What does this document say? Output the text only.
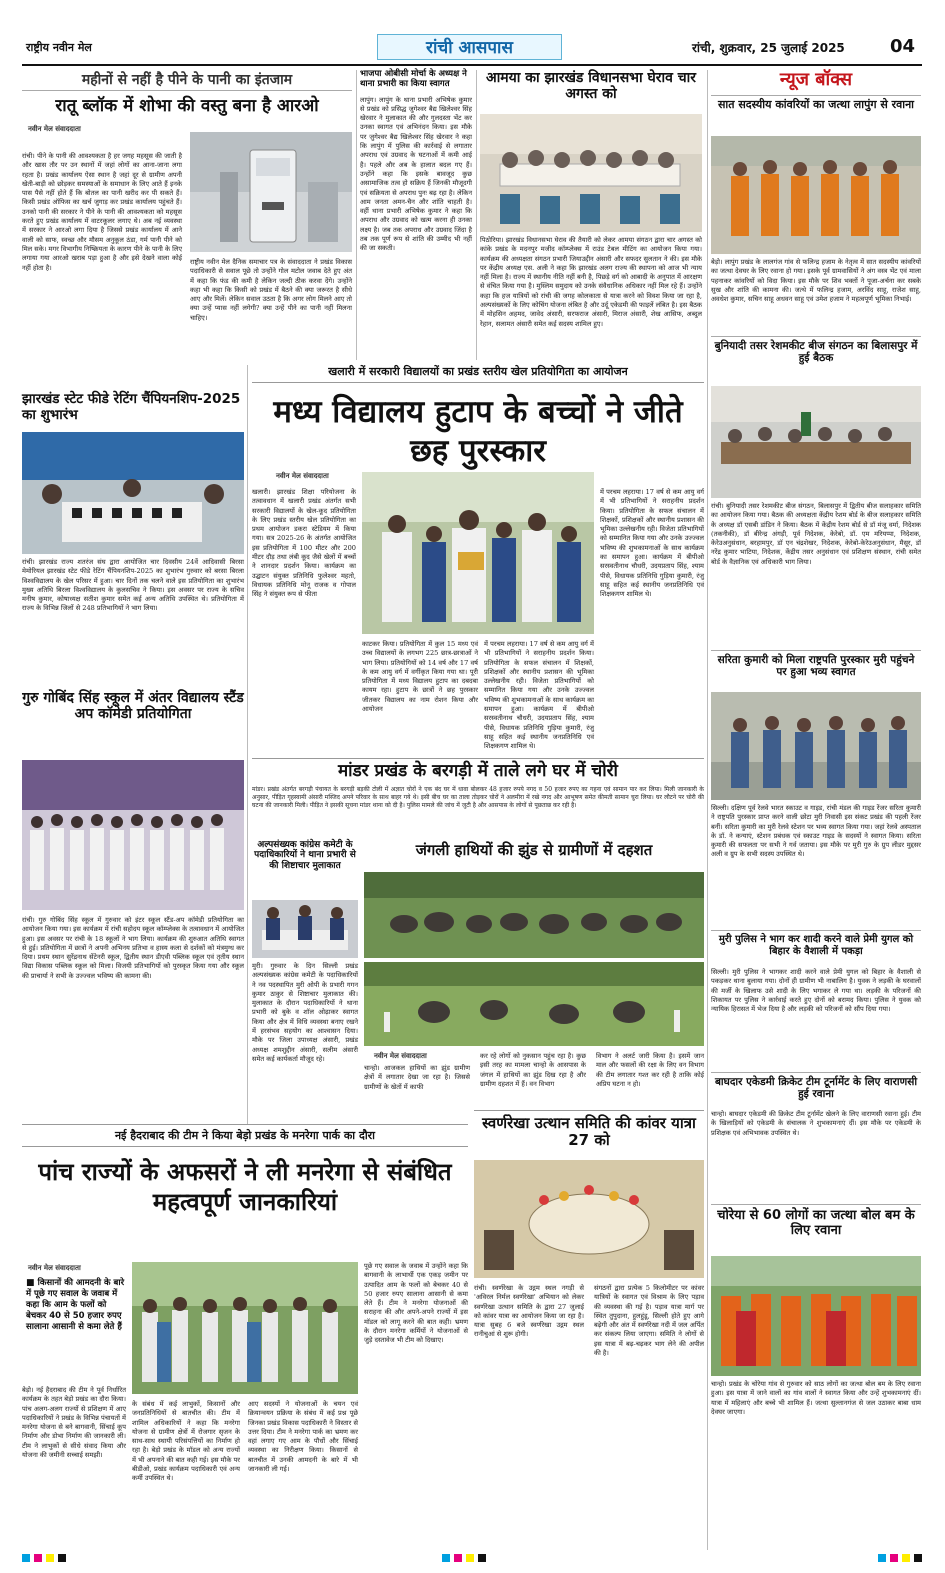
राष्ट्रीय नवीन मेल	रांची आसपास	रांची, शुक्रवार, 25 जुलाई 2025	04
महीनों से नहीं है पीने के पानी का इंतजाम
रातू ब्लॉक में शोभा की वस्तु बना है आरओ
नवीन मेल संवाददाता
रांची। पीने के पानी की आवश्यकता है हर जगह महसूस की जाती है और खास तौर पर उन स्थानों में जहां लोगों का आना-जाना लगा रहता है। प्रखंड कार्यालय ऐसा स्थान है जहां दूर से ग्रामीण अपनी खेती-बाड़ी को छोड़कर समस्याओं के समाधान के लिए आते हैं इनके पास पैसे नहीं होते हैं कि बोतल का पानी खरीद कर पी सकते हैं। किसी प्रखंड ऑफिस का खर्च जुगाड़ कर प्रखंड कार्यालय पहुंचते हैं। उनको पानी की सरकार ने पीने के पानी की आवश्यकता को महसूस करते हुए प्रखंड कार्यालय में वाटरकूलर लगाए थे। अब नई व्यवस्था में सरकार ने आरओ लगा दिया है जिससे प्रखंड कार्यालय में आने वाली को साफ, स्वच्छ और मौसम अनुकूल ठंडा, गर्म पानी पीने को मिल सके। मगर विभागीय निष्क्रियता के कारण पीने के पानी के लिए लगाया गया आरओ खराब पड़ा हुआ है और इसे देखने वाला कोई नहीं होता है।
राष्ट्रीय नवीन मेल दैनिक समाचार पत्र के संवाददाता ने प्रखंड विकास पदाधिकारी से सवाल पूछे तो उन्होंने गोल मटोल जवाब देते हुए अंत में कहा कि फंड की कमी है लेकिन जल्दी ठीक करवा देंगे। उन्होंने कहा भी कहा कि किसी को प्रखंड में बैठने की क्या जरूरत है सीधे आए और मिलें। लेकिन सवाल उठता है कि अगर लोग मिलने आए तो क्या उन्हें प्यास नहीं लगेगी? क्या उन्हें पीने का पानी नहीं मिलना चाहिए।
भाजपा ओबीसी मोर्चा के अध्यक्ष ने थाना प्रभारी का किया स्वागत
लापुंग। लापुंग के थाना प्रभारी अभिषेक कुमार से प्रखंड को प्रसिद्ध जुगेश्वर बैद्य खिलेश्वर सिंह खेरवार ने मुलाकात की और गुलदस्ता भेंट कर उनका स्वागत एवं अभिनंदन किया। इस मौके पर जुगेश्वर बैद्य खिलेश्वर सिंह खेरवार ने कहा कि लापुंग में पुलिस की कार्रवाई से लगातार अपराध एवं उग्रवाद के घटनाओं में कमी आई है। पहले और अब के हालात बदल गए हैं। उन्होंने कहा कि इसके बावजूद कुछ असामाजिक तत्व हो सक्रिय हैं जिनकी मौजूदगी एवं सक्रियता से अपराध पुनः बढ़ रहा है। लेकिन आम जनता अमन-चैन और शांति चाहती है। वहीं थाना प्रभारी अभिषेक कुमार ने कहा कि अपराध और उग्रवाद को खत्म करना ही उनका लक्ष्य है। जब तक अपराध और उग्रवाद जिंदा है तब तक पूर्ण रूप से शांति की उम्मीद भी नहीं की जा सकती।
आमया का झारखंड विधानसभा घेराव चार अगस्त को
पिठोरिया। झारखंड विधानसभा घेराव की तैयारी को लेकर आमया संगठन द्वारा चार अगस्त को कांके प्रखंड के मदनपुर मजीद कॉम्प्लेक्स में राउंड टेबल मीटिंग का आयोजन किया गया। कार्यक्रम की अध्यक्षता संगठन प्रभारी जियाउद्दीन अंसारी और सफदर सुलतान ने की। इस मौके पर केंद्रीय अध्यक्ष एस. अली ने कहा कि झारखंड अलग राज्य की स्थापना को आज भी न्याय नहीं मिला है। राज्य में स्थानीय नीति नहीं बनी है, पिछड़े वर्ग को आबादी के अनुपात में आरक्षण से वंचित किया गया है। मुस्लिम समुदाय को उनके संवैधानिक अधिकार नहीं मिल रहे हैं। उन्होंने कहा कि हज यात्रियों को रांची की जगह कोलकाता से यात्रा करने को विवश किया जा रहा है, अल्पसंख्यकों के लिए कोचिंग योजना लंबित है और उर्दू एकेडमी की फाइलें लंबित है। इस बैठक में मोहसिन अहमद, जावेद अंसारी, सरफराज अंसारी, मिराज अंसारी, शेख आसिफ, अब्दुल रेहान, सलामत अंसारी समेत कई सदस्य शामिल हुए।
न्यूज बॉक्स
सात सदस्यीय कांवरियों का जत्था लापुंग से रवाना
बेड़ो। लापुंग प्रखंड के लालगंज गांव से फलिन्द्र हजाम के नेतृत्व में सात सदस्यीय कांवरियों का जत्था देवघर के लिए रवाना हो गया। इसके पूर्व ग्रामवासियों ने अंग वस्त्र भेंट एवं माला पहनाकर कांवरियों को विदा किया। इस मौके पर शिव भक्तों ने पूजा-अर्चना कर सबके सुख और शांति की कामना की। जत्थे में फलिन्द्र हजाम, अरविंद साहू, राजेश साहू, अवधेश कुमार, सचिन साहू अधवन साहू एवं उमेश हजाम ने महत्वपूर्ण भूमिका निभाई।
बुनियादी तसर रेशमकीट बीज संगठन का बिलासपुर में हुई बैठक
रांची। बुनियादी तसर रेशमकीट बीज संगठन, बिलासपुर में द्वितीय बीज सलाहकार समिति का आयोजन किया गया। बैठक की अध्यक्षता केंद्रीय रेशम बोर्ड के बीज सलाहकार समिति के अध्यक्ष डॉ एसबी डांडिन ने किया। बैठक में केंद्रीय रेशम बोर्ड से डॉ मंजू वर्मा, निदेशक (तकनीकी), डॉ बीरेन्द्र अंगड़ी, पूर्व निदेशक, केरेबो, डॉ. एम मरियप्पा, निदेशक, केरेउअनुसंधान, बरहामपुर, डॉ एन चंद्रशेखर, निदेशक, केरेबो-केरेउअनुसंधान, मैसूर, डॉ नरेंद्र कुमार भाटिया, निदेशक, केंद्रीय तसर अनुसंधान एवं प्रशिक्षण संस्थान, रांची समेत बोर्ड के वैज्ञानिक एवं अधिकारी भाग लिया।
सरिता कुमारी को मिला राष्ट्रपति पुरस्कार मुरी पहुंचने पर हुआ भव्य स्वागत
सिल्ली। दक्षिण पूर्व रेलवे भारत स्काउट व गाइड, रांची मंडल की गाइड रेंजर सरिता कुमारी ने राष्ट्रपति पुरस्कार प्राप्त करने वाली छोटा मुरी निवासी इस संकट प्रखंड की पहली रेंजर बनीं। सरिता कुमारी का मुरी रेलवे स्टेशन पर भव्य स्वागत किया गया। जहां रेलवे अस्पताल के डॉ. ने कन्याएं, स्टेशन प्रबंधक एवं स्काउट गाइड के सदस्यों ने स्वागत किया। सरिता कुमारी की सफलता पर सभी ने गर्व जताया। इस मौके पर मुरी गुरु के ग्रुप लीडर मुद्दसर अली व ग्रुप के सभी सदस्य उपस्थित थे।
मुरी पुलिस ने भाग कर शादी करने वाले प्रेमी युगल को बिहार के वैशाली में पकड़ा
सिल्ली। मुरी पुलिस ने भागकर शादी करने वाले प्रेमी युगल को बिहार के वैशाली से पकड़कर थाना बुलाया गया। दोनों ही ग्रामीण भी नाबालिग है। युवक ने लड़की के घरवालों की मर्जी के खिलाफ उसे शादी के लिए भगाकर ले गया था। लड़की के परिजनों की शिकायत पर पुलिस ने कार्रवाई करते हुए दोनों को बरामद किया। पुलिस ने युवक को न्यायिक हिरासत में भेज दिया है और लड़की को परिजनों को सौंप दिया गया।
बाघदार एकेडमी क्रिकेट टीम टूर्नामेंट के लिए वाराणसी हुई रवाना
चान्हो। बाघदार एकेडमी की क्रिकेट टीम टूर्नामेंट खेलने के लिए वाराणसी रवाना हुई। टीम के खिलाड़ियों को एकेडमी के संचालक ने शुभकामनाएं दीं। इस मौके पर एकेडमी के प्रशिक्षक एवं अभिभावक उपस्थित थे।
चोरेया से 60 लोगों का जत्था बोल बम के लिए रवाना
चान्हो। प्रखंड के चोरेया गांव से गुरुवार को साठ लोगों का जत्था बोल बम के लिए रवाना हुआ। इस यात्रा में जाने वालों का गांव वालों ने स्वागत किया और उन्हें शुभकामनाएं दीं। यात्रा में महिलाएं और बच्चे भी शामिल हैं। जत्था सुल्तानगंज से जल उठाकर बाबा धाम देवघर जाएगा।
झारखंड स्टेट फीडे रेटिंग चैंपियनशिप-2025 का शुभारंभ
रांची। झारखंड राज्य शतरंज संघ द्वारा आयोजित चार दिवसीय 24वें आदिवासी बिरसा मेमोरियल झारखंड स्टेट फीडे रेटिंग चैंपियनशिप-2025 का शुभारंभ गुरुवार को बरसा बिरला विश्वविद्यालय के खेल परिसर में हुआ। चार दिनों तक चलने वाले इस प्रतियोगिता का शुभारंभ मुख्य अतिथि बिरला विश्वविद्यालय के कुलसचिव ने किया। इस अवसर पर राज्य के सचिव मनीष कुमार, कोषाध्यक्ष सतीश कुमार समेत कई अन्य अतिथि उपस्थित थे। प्रतियोगिता में राज्य के विभिन्न जिलों से 248 प्रतिभागियों ने भाग लिया।
गुरु गोबिंद सिंह स्कूल में अंतर विद्यालय स्टैंड अप कॉमेडी प्रतियोगिता
रांची। गुरु गोबिंद सिंह स्कूल में गुरुवार को इंटर स्कूल स्टैंड-अप कॉमेडी प्रतियोगिता का आयोजन किया गया। इस कार्यक्रम में रांची सहोदय स्कूल कॉम्प्लेक्स के तत्वावधान में आयोजित हुआ। इस अवसर पर रांची के 18 स्कूलों ने भाग लिया। कार्यक्रम की शुरुआत अतिथि स्वागत से हुई। प्रतियोगिता में छात्रों ने अपनी अभिनय प्रतिभा व हास्य कला से दर्शकों को मंत्रमुग्ध कर दिया। प्रथम स्थान सुरेंद्रनाथ सेंटेनरी स्कूल, द्वितीय स्थान डीएवी पब्लिक स्कूल एवं तृतीय स्थान विद्या विकास पब्लिक स्कूल को मिला। विजयी प्रतिभागियों को पुरस्कृत किया गया और स्कूल की प्राचार्या ने सभी के उज्ज्वल भविष्य की कामना की।
खलारी में सरकारी विद्यालयों का प्रखंड स्तरीय खेल प्रतियोगिता का आयोजन
मध्य विद्यालय हुटाप के बच्चों ने जीते छह पुरस्कार
नवीन मेल संवाददाता
खलारी। झारखंड शिक्षा परियोजना के तत्वावधान में खलारी प्रखंड अंतर्गत सभी सरकारी विद्यालयों के खेल-कूद प्रतियोगिता के लिए प्रखंड स्तरीय खेल प्रतियोगिता का प्रथम आयोजन डकरा स्टेडियम में किया गया। सत्र 2025-26 के अंतर्गत आयोजित इस प्रतियोगिता में 100 मीटर और 200 मीटर दौड़ तथा लंबी कूद जैसे खेलों में बच्चों ने शानदार प्रदर्शन किया। कार्यक्रम का उद्घाटन संयुक्त प्रतिनिधि फुलेश्वर महतो, विधायक प्रतिनिधि मोनू राजक व गोपाल सिंह ने संयुक्त रूप से फीता
काटकर किया। प्रतियोगिता में कुल 15 मध्य एवं उच्च विद्यालयों के लगभग 225 छात्र-छात्राओं ने भाग लिया। प्रतियोगियों को 14 वर्ष और 17 वर्ष के कम आयु वर्ग में वर्गीकृत किया गया था। पूरी प्रतियोगिता में मध्य विद्यालय हुटाप का दबदबा कायम रहा। हुटाप के छात्रों ने छह पुरस्कार जीतकर विद्यालय का नाम रोशन किया और आयोजन
में परचम लहराया। 17 वर्ष से कम आयु वर्ग में भी प्रतिभागियों ने सराहनीय प्रदर्शन किया। प्रतियोगिता के सफल संचालन में शिक्षकों, प्रशिक्षकों और स्थानीय प्रशासन की भूमिका उल्लेखनीय रही। विजेता प्रतिभागियों को सम्मानित किया गया और उनके उज्ज्वल भविष्य की शुभकामनाओं के साथ कार्यक्रम का समापन हुआ। कार्यक्रम में बीपीओ सरस्वतीनाथ चौधरी, उदयप्रताप सिंह, श्याम पीसे, विधायक प्रतिनिधि गुड़िया कुमारी, रंजु साहू सहित कई स्थानीय जनप्रतिनिधि एवं शिक्षकगण शामिल थे।
में परचम लहराया। 17 वर्ष से कम आयु वर्ग में भी प्रतिभागियों ने सराहनीय प्रदर्शन किया। प्रतियोगिता के सफल संचालन में शिक्षकों, प्रशिक्षकों और स्थानीय प्रशासन की भूमिका उल्लेखनीय रही। विजेता प्रतिभागियों को सम्मानित किया गया और उनके उज्ज्वल भविष्य की शुभकामनाओं के साथ कार्यक्रम का समापन हुआ। कार्यक्रम में बीपीओ सरस्वतीनाथ चौधरी, उदयप्रताप सिंह, श्याम पीसे, विधायक प्रतिनिधि गुड़िया कुमारी, रंजु साहू सहित कई स्थानीय जनप्रतिनिधि एवं शिक्षकगण शामिल थे।
मांडर प्रखंड के बरगड़ी में ताले लगे घर में चोरी
मांडर। प्रखंड अंतर्गत बरगड़ी पंचायत के बरगड़ी बड़की टोली में अज्ञात चोरों ने एक बंद घर में धावा बोलकर 48 हजार रुपये नगद व 50 हजार रुपए का गहना एवं सामान पार कर लिया। मिली जानकारी के अनुसार, पीड़ित गृहस्वामी अंसारी मस्जिद अपने परिवार के साथ बाहर गये थे। इसी बीच घर का ताला तोड़कर चोरों ने अलमीरा में रखे नगद और आभूषण समेत कीमती सामान चुरा लिया। घर लौटने पर चोरी की घटना की जानकारी मिली। पीड़ित ने इसकी सूचना मांडर थाना को दी है। पुलिस मामले की जांच में जुटी है और आसपास के लोगों से पूछताछ कर रही है।
अल्पसंख्यक कांग्रेस कमेटी के पदाधिकारियों ने थाना प्रभारी से की शिष्टाचार मुलाकात
मुरी। गुरुवार के दिन सिल्ली प्रखंड अल्पसंख्यक कांग्रेस कमेटी के पदाधिकारियों ने नव पदस्थापित मुरी ओपी के प्रभारी गगन कुमार ठाकुर से शिष्टाचार मुलाकात की। मुलाकात के दौरान पदाधिकारियों ने थाना प्रभारी को बुके व शॉल ओढ़ाकर स्वागत किया और क्षेत्र में विधि व्यवस्था बनाए रखने में हरसंभव सहयोग का आश्वासन दिया। मौके पर जिला उपाध्यक्ष अंसारी, प्रखंड अध्यक्ष शमशुद्दीन अंसारी, सलीम अंसारी समेत कई कार्यकर्ता मौजूद रहे।
जंगली हाथियों की झुंड से ग्रामीणों में दहशत
नवीन मेल संवाददाता
चान्हो। आजकल हाथियों का झुंड ग्रामीण क्षेत्रों में लगातार देखा जा रहा है। जिससे ग्रामीणों के खेतों में काफी
कर रहे लोगों को नुकसान पहुंच रहा है। कुछ इसी तरह का मामला चान्हो के आसपास के जंगल में हाथियों का झुंड दिख रहा है और ग्रामीण दहशत में हैं। वन विभाग
विभाग ने अलर्ट जारी किया है। इसमें जान माल और फसलों की रक्षा के लिए वन विभाग की टीम लगातार गश्त कर रही है ताकि कोई अप्रिय घटना न हो।
नई हैदराबाद की टीम ने किया बेड़ो प्रखंड के मनरेगा पार्क का दौरा
पांच राज्यों के अफसरों ने ली मनरेगा से संबंधित महत्वपूर्ण जानकारियां
नवीन मेल संवाददाता
■ किसानों की आमदनी के बारे में पूछे गए सवाल के जवाब में कहा कि आम के फलों को बेचकर 40 से 50 हजार रुपए सालाना आसानी से कमा लेते हैं
बेड़ो। नई हैदराबाद की टीम ने पूर्व निर्धारित कार्यक्रम के तहत बेड़ो प्रखंड का दौरा किया। पांच अलग-अलग राज्यों से प्रशिक्षण में आए पदाधिकारियों ने प्रखंड के विभिन्न पंचायतों में मनरेगा योजना से बने बागवानी, सिंचाई कूप निर्माण और डोभा निर्माण की जानकारी ली। टीम ने लाभुकों से सीधे संवाद किया और योजना की जमीनी सच्चाई समझी।
के संबंध में कई लाभुकों, किसानों और जनप्रतिनिधियों से बातचीत की। टीम में शामिल अधिकारियों ने कहा कि मनरेगा योजना से ग्रामीण क्षेत्रों में रोजगार सृजन के साथ-साथ स्थायी परिसंपत्तियों का निर्माण हो रहा है। बेड़ो प्रखंड के मॉडल को अन्य राज्यों में भी अपनाने की बात कही गई। इस मौके पर बीडीओ, प्रखंड कार्यक्रम पदाधिकारी एवं अन्य कर्मी उपस्थित थे।
आए सदस्यों ने योजनाओं के चयन एवं क्रियान्वयन प्रक्रिया के संबंध में कई प्रश्न पूछे जिनका प्रखंड विकास पदाधिकारी ने विस्तार से उत्तर दिया। टीम ने मनरेगा पार्क का भ्रमण कर वहां लगाए गए आम के पौधों और सिंचाई व्यवस्था का निरीक्षण किया। किसानों से बातचीत में उनकी आमदनी के बारे में भी जानकारी ली गई।
पूछे गए सवाल के जवाब में उन्होंने कहा कि बागवानी के लाभार्थी एक एकड़ जमीन पर उत्पादित आम के फलों को बेचकर 40 से 50 हजार रुपए सालाना आसानी से कमा लेते हैं। टीम ने मनरेगा योजनाओं की सराहना की और अपने-अपने राज्यों में इस मॉडल को लागू करने की बात कही। भ्रमण के दौरान मनरेगा कर्मियों ने योजनाओं से जुड़े दस्तावेज भी टीम को दिखाए।
स्वर्णरेखा उत्थान समिति की कांवर यात्रा 27 को
रांची। स्वर्णरेखा के उद्गम स्थल नगड़ी से 'अविरल निर्मल स्वर्णरेखा' अभियान को लेकर स्वर्णरेखा उत्थान समिति के द्वारा 27 जुलाई को कांवर यात्रा का आयोजन किया जा रहा है। यात्रा सुबह 6 बजे स्वर्णरेखा उद्गम स्थल रानीचुआं से शुरू होगी।
संगठनों द्वारा प्रत्येक 5 किलोमीटर पर कांवर यात्रियों के स्वागत एवं विश्राम के लिए पड़ाव की व्यवस्था की गई है। पड़ाव यात्रा मार्ग पर स्थित तुपुदाना, हुलहुंडू, सिल्ली होते हुए आगे बढ़ेगी और अंत में स्वर्णरेखा नदी में जल अर्पित कर संकल्प लिया जाएगा। समिति ने लोगों से इस यात्रा में बढ़-चढ़कर भाग लेने की अपील की है।
